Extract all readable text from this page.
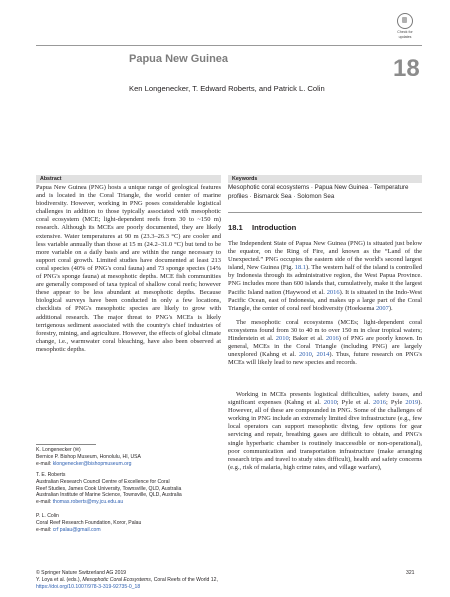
Check for
updates
Papua New Guinea	18
Ken Longenecker, T. Edward Roberts, and Patrick L. Colin
Abstract
Papua New Guinea (PNG) hosts a unique range of geological features and is located in the Coral Triangle, the world center of marine biodiversity. However, working in PNG poses considerable logistical challenges in addition to those typically associated with mesophotic coral ecosystem (MCE; light-dependent reefs from 30 to ~150 m) research. Although its MCEs are poorly documented, they are likely extensive. Water temperatures at 90 m (23.3–26.3 °C) are cooler and less variable annually than those at 15 m (24.2–31.0 °C) but tend to be more variable on a daily basis and are within the range necessary to support coral growth. Limited studies have documented at least 213 coral species (40% of PNG's coral fauna) and 73 sponge species (14% of PNG's sponge fauna) at mesophotic depths. MCE fish communities are generally composed of taxa typical of shallow coral reefs; however these appear to be less abundant at mesophotic depths. Because biological surveys have been conducted in only a few locations, checklists of PNG's mesophotic species are likely to grow with additional research. The major threat to PNG's MCEs is likely terrigenous sediment associated with the country's chief industries of forestry, mining, and agriculture. However, the effects of global climate change, i.e., warmwater coral bleaching, have also been observed at mesophotic depths.
Keywords
Mesophotic coral ecosystems · Papua New Guinea · Temperature profiles · Bismarck Sea · Solomon Sea
18.1 Introduction

The Independent State of Papua New Guinea (PNG) is situated just below the equator, on the Ring of Fire, and known as the “Land of the Unexpected.” PNG occupies the eastern side of the world's second largest island, New Guinea (Fig. 18.1). The western half of the island is controlled by Indonesia through its administrative region, the West Papua Province. PNG includes more than 600 islands that, cumulatively, make it the largest Pacific Island nation (Haywood et al. 2016). It is situated in the Indo-West Pacific Ocean, east of Indonesia, and makes up a large part of the Coral Triangle, the center of coral reef biodiversity (Hoeksema 2007).

The mesophotic coral ecosystems (MCEs; light-dependent coral ecosystems found from 30 to 40 m to over 150 m in clear tropical waters; Hinderstein et al. 2010; Baker et al. 2016) of PNG are poorly known. In general, MCEs in the Coral Triangle (including PNG) are largely unexplored (Kahng et al. 2010, 2014). Thus, future research on PNG's MCEs will likely lead to new species and records.

Working in MCEs presents logistical difficulties, safety issues, and significant expenses (Kahng et al. 2010; Pyle et al. 2016; Pyle 2019). However, all of these are compounded in PNG. Some of the challenges of working in PNG include an extremely limited dive infrastructure (e.g., few local operators can support mesophotic diving, few options for gear servicing and repair, breathing gases are difficult to obtain, and PNG's single hyperbaric chamber is routinely inaccessible or non-operational), poor communication and transportation infrastructure (make arranging research trips and travel to study sites difficult), health and safety concerns (e.g., risk of malaria, high crime rates, and village warfare),

K. Longenecker (✉)
Bernice P. Bishop Museum, Honolulu, HI, USA
e-mail: klongenecker@bishopmuseum.org
T. E. Roberts
Australian Research Council Centre of Excellence for Coral
Reef Studies, James Cook University, Townsville, QLD, Australia
Australian Institute of Marine Science, Townsville, QLD, Australia
e-mail: thomas.roberts@my.jcu.edu.au
P. L. Colin
Coral Reef Research Foundation, Koror, Palau
e-mail: crf palau@gmail.com
© Springer Nature Switzerland AG 2019
Y. Loya et al. (eds.), Mesophotic Coral Ecosystems, Coral Reefs of the World 12,
https://doi.org/10.1007/978-3-319-92735-0_18
321
